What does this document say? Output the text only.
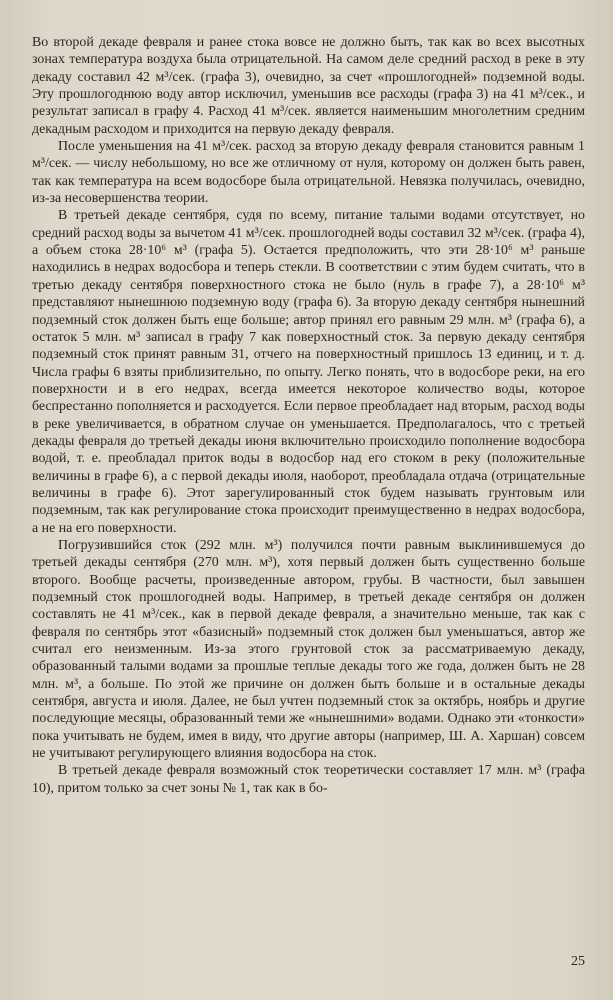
Во второй декаде февраля и ранее стока вовсе не должно быть, так как во всех высотных зонах температура воздуха была отрицательной. На самом деле средний расход в реке в эту декаду составил 42 м³/сек. (графа 3), очевидно, за счет «прошлогодней» подземной воды. Эту прошлогоднюю воду автор исключил, уменьшив все расходы (графа 3) на 41 м³/сек., и результат записал в графу 4. Расход 41 м³/сек. является наименьшим многолетним средним декадным расходом и приходится на первую декаду февраля.

После уменьшения на 41 м³/сек. расход за вторую декаду февраля становится равным 1 м³/сек. — числу небольшому, но все же отличному от нуля, которому он должен быть равен, так как температура на всем водосборе была отрицательной. Невязка получилась, очевидно, из-за несовершенства теории.

В третьей декаде сентября, судя по всему, питание талыми водами отсутствует, но средний расход воды за вычетом 41 м³/сек. прошлогодней воды составил 32 м³/сек. (графа 4), а объем стока 28·10⁶ м³ (графа 5). Остается предположить, что эти 28·10⁶ м³ раньше находились в недрах водосбора и теперь стекли. В соответствии с этим будем считать, что в третью декаду сентября поверхностного стока не было (нуль в графе 7), а 28·10⁶ м³ представляют нынешнюю подземную воду (графа 6). За вторую декаду сентября нынешний подземный сток должен быть еще больше; автор принял его равным 29 млн. м³ (графа 6), а остаток 5 млн. м³ записал в графу 7 как поверхностный сток. За первую декаду сентября подземный сток принят равным 31, отчего на поверхностный пришлось 13 единиц, и т. д. Числа графы 6 взяты приблизительно, по опыту. Легко понять, что в водосборе реки, на его поверхности и в его недрах, всегда имеется некоторое количество воды, которое беспрестанно пополняется и расходуется. Если первое преобладает над вторым, расход воды в реке увеличивается, в обратном случае он уменьшается. Предполагалось, что с третьей декады февраля до третьей декады июня включительно происходило пополнение водосбора водой, т. е. преобладал приток воды в водосбор над его стоком в реку (положительные величины в графе 6), а с первой декады июля, наоборот, преобладала отдача (отрицательные величины в графе 6). Этот зарегулированный сток будем называть грунтовым или подземным, так как регулирование стока происходит преимущественно в недрах водосбора, а не на его поверхности.

Погрузившийся сток (292 млн. м³) получился почти равным выклинившемуся до третьей декады сентября (270 млн. м³), хотя первый должен быть существенно больше второго. Вообще расчеты, произведенные автором, грубы. В частности, был завышен подземный сток прошлогодней воды. Например, в третьей декаде сентября он должен составлять не 41 м³/сек., как в первой декаде февраля, а значительно меньше, так как с февраля по сентябрь этот «базисный» подземный сток должен был уменьшаться, автор же считал его неизменным. Из-за этого грунтовой сток за рассматриваемую декаду, образованный талыми водами за прошлые теплые декады того же года, должен быть не 28 млн. м³, а больше. По этой же причине он должен быть больше и в остальные декады сентября, августа и июля. Далее, не был учтен подземный сток за октябрь, ноябрь и другие последующие месяцы, образованный теми же «нынешними» водами. Однако эти «тонкости» пока учитывать не будем, имея в виду, что другие авторы (например, Ш. А. Харшан) совсем не учитывают регулирующего влияния водосбора на сток.

В третьей декаде февраля возможный сток теоретически составляет 17 млн. м³ (графа 10), притом только за счет зоны № 1, так как в бо-

25
